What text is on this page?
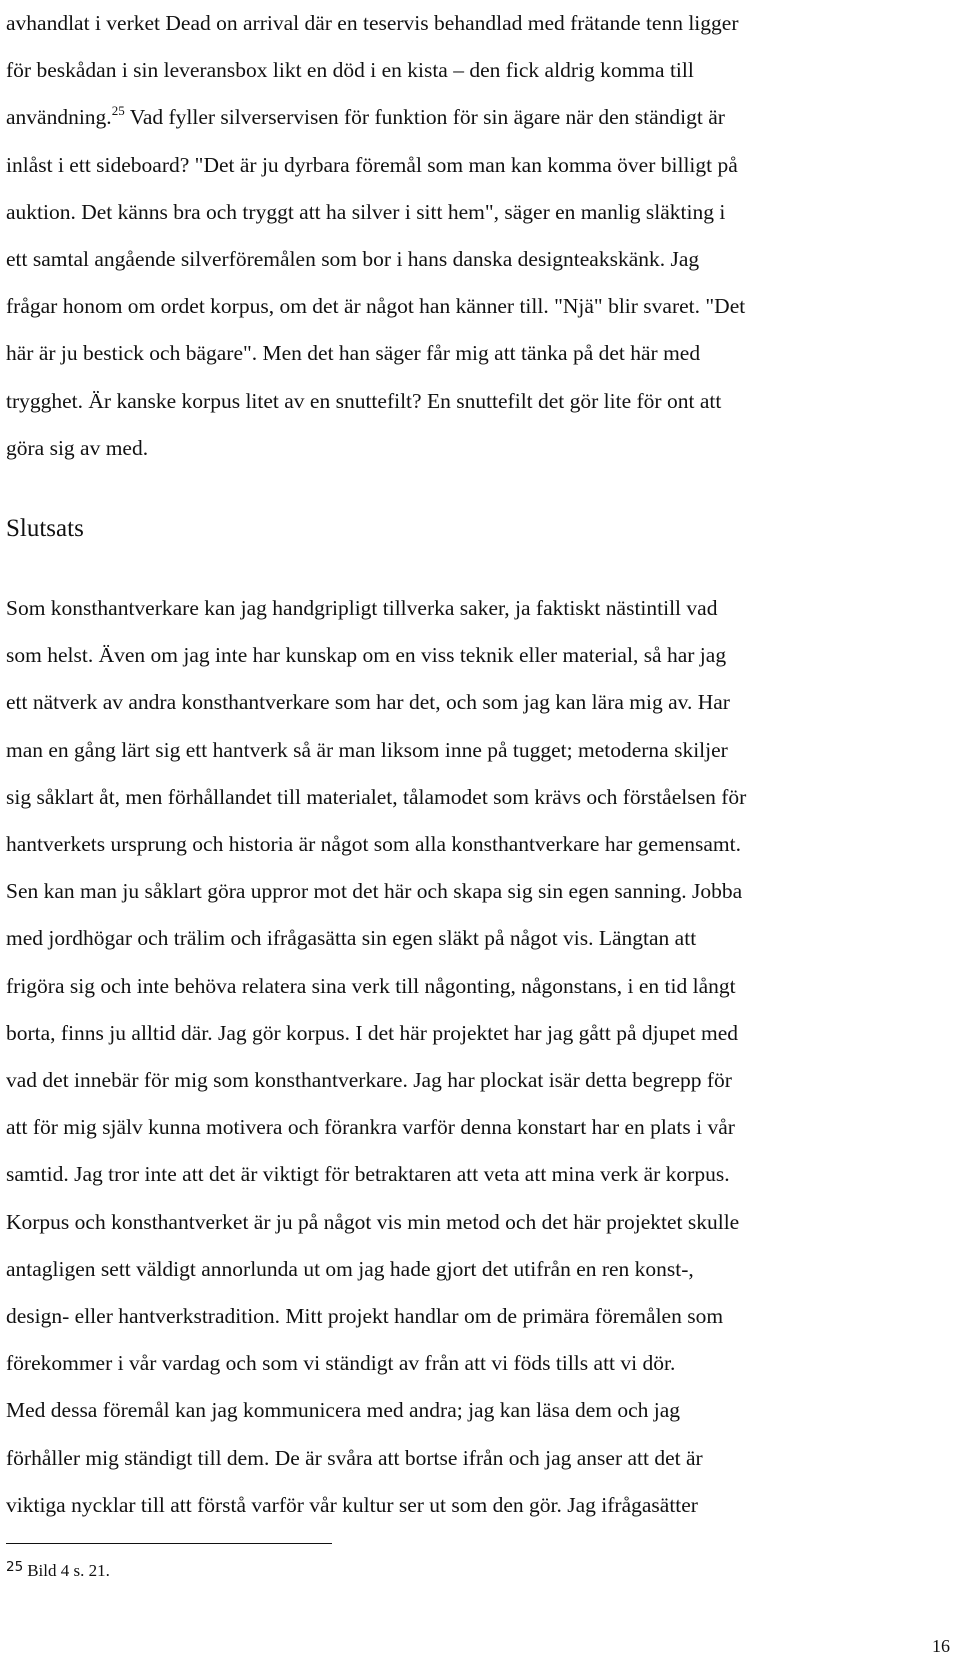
avhandlat i verket Dead on arrival där en teservis behandlad med frätande tenn ligger
för beskådan i sin leveransbox likt en död i en kista – den fick aldrig komma till
användning.$^{25}$ Vad fyller silverservisen för funktion för sin ägare när den ständigt är
inlåst i ett sideboard? "Det är ju dyrbara föremål som man kan komma över billigt på
auktion. Det känns bra och tryggt att ha silver i sitt hem", säger en manlig släkting i
ett samtal angående silverföremålen som bor i hans danska designteakskänk. Jag
frågar honom om ordet korpus, om det är något han känner till. "Njä" blir svaret. "Det
här är ju bestick och bägare". Men det han säger får mig att tänka på det här med
trygghet. Är kanske korpus litet av en snuttefilt? En snuttefilt det gör lite för ont att
göra sig av med.

Slutsats

Som konsthantverkare kan jag handgripligt tillverka saker, ja faktiskt nästintill vad
som helst. Även om jag inte har kunskap om en viss teknik eller material, så har jag
ett nätverk av andra konsthantverkare som har det, och som jag kan lära mig av. Har
man en gång lärt sig ett hantverk så är man liksom inne på tugget; metoderna skiljer
sig såklart åt, men förhållandet till materialet, tålamodet som krävs och förståelsen för
hantverkets ursprung och historia är något som alla konsthantverkare har gemensamt.
Sen kan man ju såklart göra uppror mot det här och skapa sig sin egen sanning. Jobba
med jordhögar och trälim och ifrågasätta sin egen släkt på något vis. Längtan att
frigöra sig och inte behöva relatera sina verk till någonting, någonstans, i en tid långt
borta, finns ju alltid där. Jag gör korpus. I det här projektet har jag gått på djupet med
vad det innebär för mig som konsthantverkare. Jag har plockat isär detta begrepp för
att för mig själv kunna motivera och förankra varför denna konstart har en plats i vår
samtid. Jag tror inte att det är viktigt för betraktaren att veta att mina verk är korpus.
Korpus och konsthantverket är ju på något vis min metod och det här projektet skulle
antagligen sett väldigt annorlunda ut om jag hade gjort det utifrån en ren konst-,
design- eller hantverkstradition. Mitt projekt handlar om de primära föremålen som
förekommer i vår vardag och som vi ständigt av från att vi föds tills att vi dör.
Med dessa föremål kan jag kommunicera med andra; jag kan läsa dem och jag
förhåller mig ständigt till dem. De är svåra att bortse ifrån och jag anser att det är
viktiga nycklar till att förstå varför vår kultur ser ut som den gör. Jag ifrågasätter

$^{25}$ Bild 4 s. 21.
16
